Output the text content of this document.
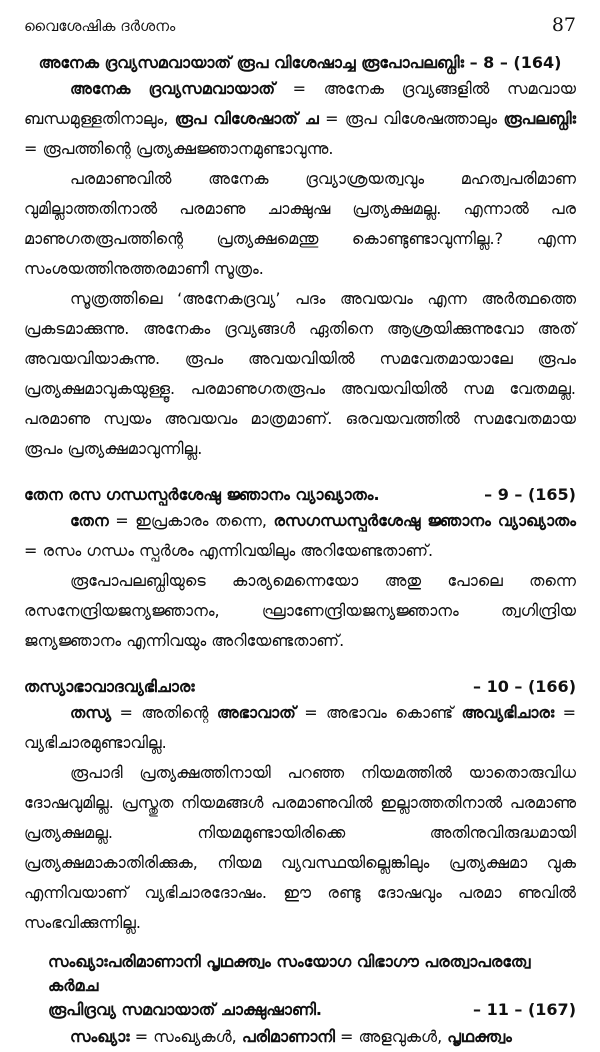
വൈശേഷിക ദർശനം	87
അനേക ദ്രവ്യസമവായാത് രൂപ വിശേഷാച്ച രൂപോപലബ്ധിഃ – 8 – (164)

അനേക ദ്രവ്യസമവായാത് = അനേക ദ്രവ്യങ്ങളിൽ സമവായ ബന്ധമുള്ളതിനാലും, രൂപ വിശേഷാത് ച = രൂപ വിശേഷത്താലും രൂപലബ്ധിഃ = രൂപത്തിന്റെ പ്രത്യക്ഷജ്ഞാനമുണ്ടാവുന്നു.

പരമാണുവിൽ അനേക ദ്രവ്യാശ്രയത്വവും മഹത്വപരിമാണ വുമില്ലാത്തതിനാൽ പരമാണു ചാക്ഷുഷ പ്രത്യക്ഷമല്ല. എന്നാൽ പര മാണുഗതരൂപത്തിന്റെ പ്രത്യക്ഷമെന്തു കൊണ്ടുണ്ടാവുന്നില്ല.? എന്ന സംശയത്തിനുത്തരമാണീ സൂത്രം.

സൂത്രത്തിലെ ‘അനേകദ്രവ്യ’ പദം അവയവം എന്ന അർത്ഥത്തെ പ്രകടമാക്കുന്നു. അനേകം ദ്രവ്യങ്ങൾ ഏതിനെ ആശ്രയിക്കുന്നുവോ അത് അവയവിയാകുന്നു. രൂപം അവയവിയിൽ സമവേതമായാലേ രൂപം പ്രത്യക്ഷമാവുകയുള്ളൂ. പരമാണുഗതരൂപം അവയവിയിൽ സമ വേതമല്ല. പരമാണു സ്വയം അവയവം മാത്രമാണ്. ഒരവയവത്തിൽ സമവേതമായ രൂപം പ്രത്യക്ഷമാവുന്നില്ല.

തേന രസ ഗന്ധസ്പർശേഷു ജ്ഞാനം വ്യാഖ്യാതം.	– 9 – (165)

തേന = ഇപ്രകാരം തന്നെ, രസഗന്ധസ്പർശേഷു ജ്ഞാനം വ്യാഖ്യാതം = രസം ഗന്ധം സ്പർശം എന്നിവയിലും അറിയേണ്ടതാണ്.

രൂപോപലബ്ധിയുടെ കാര്യമെന്നെയോ അതു പോലെ തന്നെ രസനേന്ദ്രിയജന്യജ്ഞാനം, ഘ്രാണേന്ദ്രിയജന്യജ്ഞാനം ത്വഗിന്ദ്രിയ ജന്യജ്ഞാനം എന്നിവയും അറിയേണ്ടതാണ്.

തസ്യാഭാവാദവ്യഭിചാരഃ	– 10 – (166)

തസ്യ = അതിന്റെ അഭാവാത് = അഭാവം കൊണ്ട് അവ്യഭിചാരഃ = വ്യഭിചാരമുണ്ടാവില്ല.

രൂപാദി പ്രത്യക്ഷത്തിനായി പറഞ്ഞ നിയമത്തിൽ യാതൊരുവിധ ദോഷവുമില്ല. പ്രസ്തുത നിയമങ്ങൾ പരമാണുവിൽ ഇല്ലാത്തതിനാൽ പരമാണു പ്രത്യക്ഷമല്ല. നിയമമുണ്ടായിരിക്കെ അതിനുവിരുദ്ധമായി പ്രത്യക്ഷമാകാതിരിക്കുക, നിയമ വ്യവസ്ഥയില്ലെങ്കിലും പ്രത്യക്ഷമാ വുക എന്നിവയാണ് വ്യഭിചാരദോഷം. ഈ രണ്ടു ദോഷവും പരമാ ണുവിൽ സംഭവിക്കുന്നില്ല.

സംഖ്യാഃപരിമാണാനി പൃഥക്ത്വം സംയോഗ വിഭാഗൗ പരത്വാപരത്വേ കർമച
രൂപിദ്രവ്യ സമവായാത് ചാക്ഷുഷാണി.	– 11 – (167)

സംഖ്യാഃ = സംഖ്യകൾ, പരിമാണാനി = അളവുകൾ, പൃഥക്ത്വം
